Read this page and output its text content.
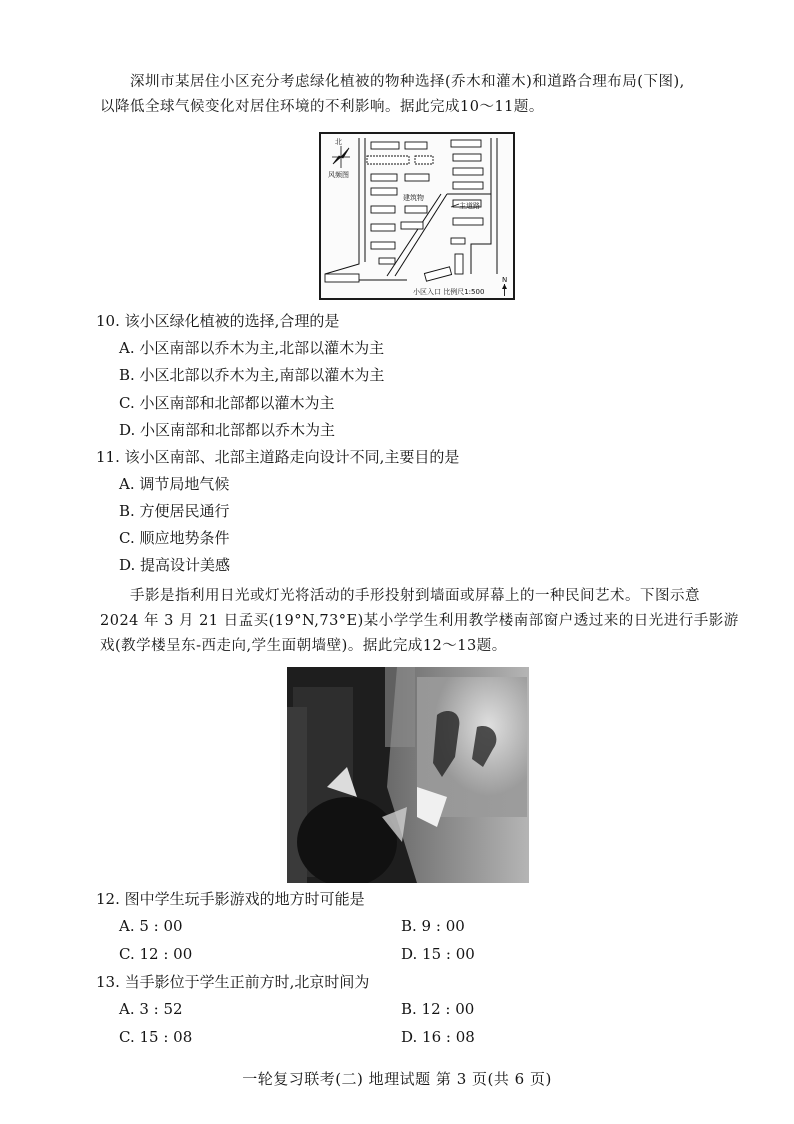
深圳市某居住小区充分考虑绿化植被的物种选择(乔木和灌木)和道路合理布局(下图),
以降低全球气候变化对居住环境的不利影响。据此完成10～11题。
北
风频图
建筑物
主道路
小区入口 比例尺1:500
N
10. 该小区绿化植被的选择,合理的是
A. 小区南部以乔木为主,北部以灌木为主
B. 小区北部以乔木为主,南部以灌木为主
C. 小区南部和北部都以灌木为主
D. 小区南部和北部都以乔木为主
11. 该小区南部、北部主道路走向设计不同,主要目的是
A. 调节局地气候
B. 方便居民通行
C. 顺应地势条件
D. 提高设计美感
手影是指利用日光或灯光将活动的手形投射到墙面或屏幕上的一种民间艺术。下图示意
2024 年 3 月 21 日孟买(19°N,73°E)某小学学生利用教学楼南部窗户透过来的日光进行手影游
戏(教学楼呈东-西走向,学生面朝墙壁)。据此完成12～13题。
12. 图中学生玩手影游戏的地方时可能是
A. 5 : 00	B. 9 : 00
C. 12 : 00	D. 15 : 00
13. 当手影位于学生正前方时,北京时间为
A. 3 : 52	B. 12 : 00
C. 15 : 08	D. 16 : 08
一轮复习联考(二) 地理试题 第 3 页(共 6 页)
